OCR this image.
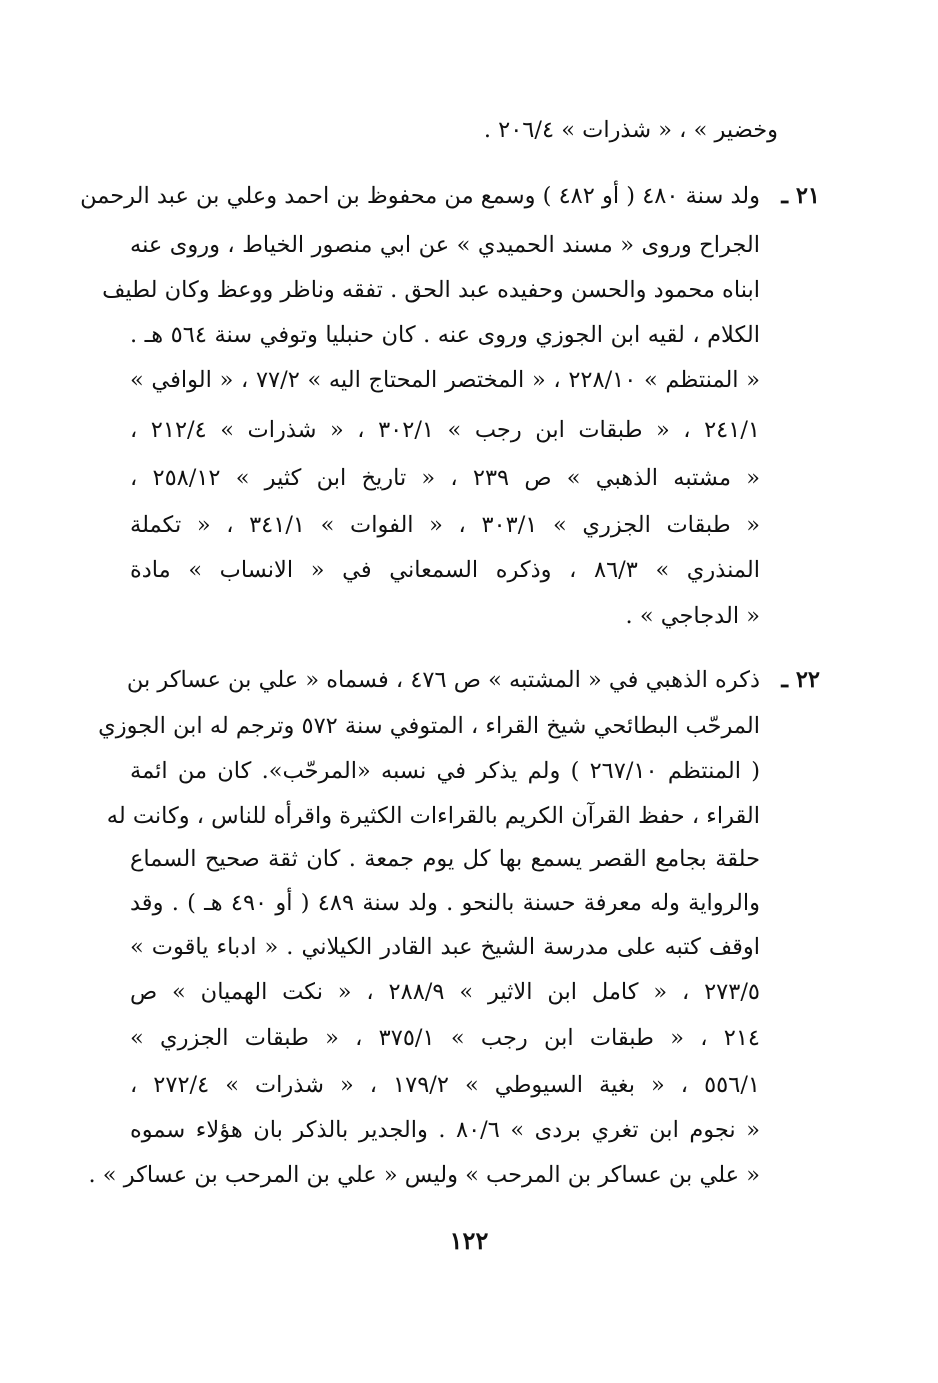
وخضير » ، « شذرات » ٢٠٦/٤ .
٢١ ـ
ولد سنة ٤٨٠ ( أو ٤٨٢ ) وسمع من محفوظ بن احمد وعلي بن عبد الرحمن
الجراح وروى « مسند الحميدي » عن ابي منصور الخياط ، وروى عنه
ابناه محمود والحسن وحفيده عبد الحق . تفقه وناظر ووعظ وكان لطيف
الكلام ، لقيه ابن الجوزي وروى عنه . كان حنبليا وتوفي سنة ٥٦٤ هـ .
« المنتظم » ٢٢٨/١٠ ، « المختصر المحتاج اليه » ٧٧/٢ ، « الوافي »
٢٤١/١ ، « طبقات ابن رجب » ٣٠٢/١ ، « شذرات » ٢١٢/٤ ،
« مشتبه الذهبي » ص ٢٣٩ ، « تاريخ ابن كثير » ٢٥٨/١٢ ،
« طبقات الجزري » ٣٠٣/١ ، « الفوات » ٣٤١/١ ، « تكملة
المنذري » ٨٦/٣ ، وذكره السمعاني في « الانساب » مادة
« الدجاجي » .
٢٢ ـ
ذكره الذهبي في « المشتبه » ص ٤٧٦ ، فسماه « علي بن عساكر بن
المرحّب البطائحي شيخ القراء ، المتوفي سنة ٥٧٢ وترجم له ابن الجوزي
( المنتظم ٢٦٧/١٠ ) ولم يذكر في نسبه «المرحّب». كان من ائمة
القراء ، حفظ القرآن الكريم بالقراءات الكثيرة واقرأه للناس ، وكانت له
حلقة بجامع القصر يسمع بها كل يوم جمعة . كان ثقة صحيح السماع
والرواية وله معرفة حسنة بالنحو . ولد سنة ٤٨٩ ( أو ٤٩٠ هـ ) . وقد
اوقف كتبه على مدرسة الشيخ عبد القادر الكيلاني . « ادباء ياقوت »
٢٧٣/٥ ، « كامل ابن الاثير » ٢٨٨/٩ ، « نكت الهميان » ص
٢١٤ ، « طبقات ابن رجب » ٣٧٥/١ ، « طبقات الجزري »
٥٥٦/١ ، « بغية السيوطي » ١٧٩/٢ ، « شذرات » ٢٧٢/٤ ،
« نجوم ابن تغري بردى » ٨٠/٦ . والجدير بالذكر بان هؤلاء سموه
« علي بن عساكر بن المرحب » وليس « علي بن المرحب بن عساكر » .
١٢٢
